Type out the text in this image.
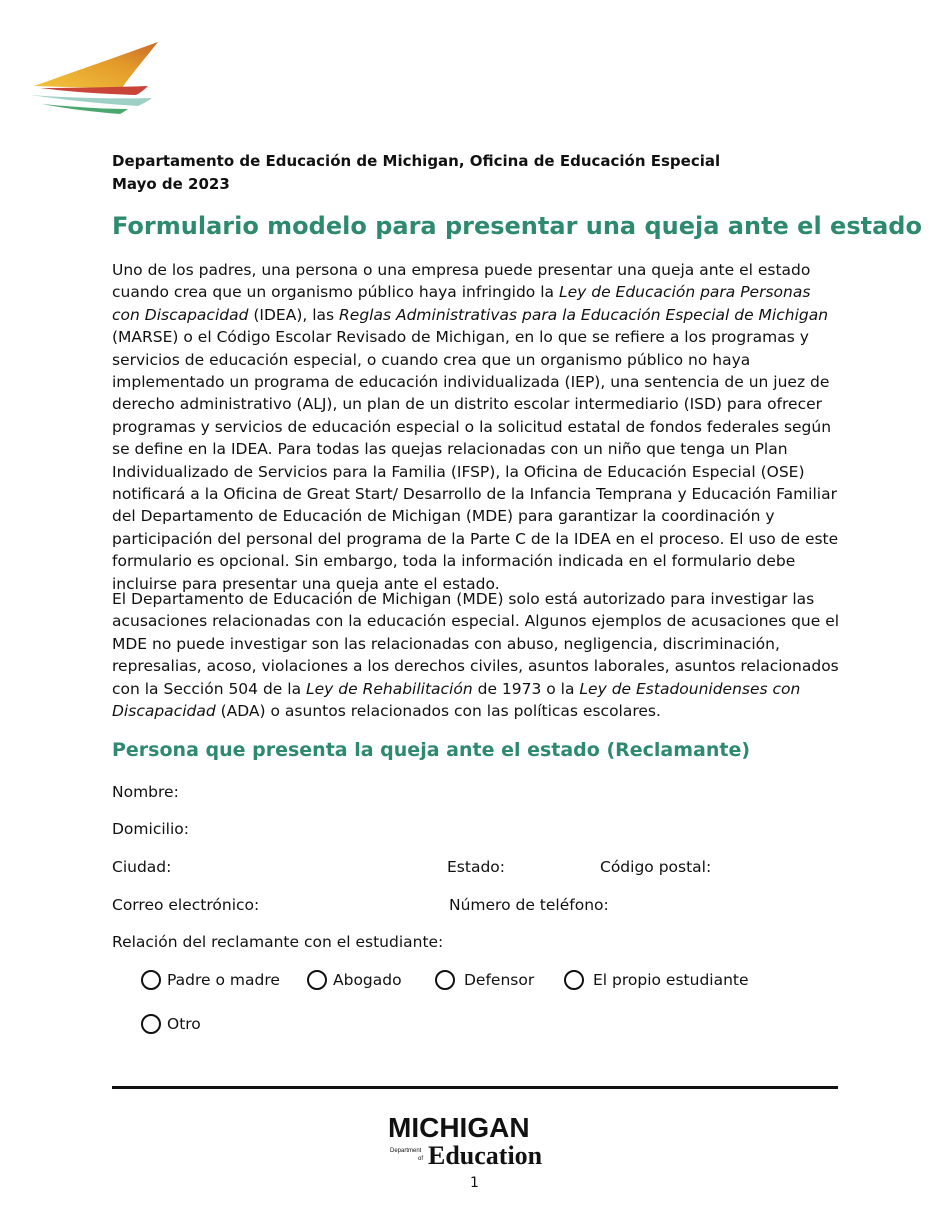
Departamento de Educación de Michigan, Oficina de Educación Especial
Mayo de 2023
Formulario modelo para presentar una queja ante el estado

Uno de los padres, una persona o una empresa puede presentar una queja ante el estado cuando crea que un organismo público haya infringido la Ley de Educación para Personas con Discapacidad (IDEA), las Reglas Administrativas para la Educación Especial de Michigan (MARSE) o el Código Escolar Revisado de Michigan, en lo que se refiere a los programas y servicios de educación especial, o cuando crea que un organismo público no haya implementado un programa de educación individualizada (IEP), una sentencia de un juez de derecho administrativo (ALJ), un plan de un distrito escolar intermediario (ISD) para ofrecer programas y servicios de educación especial o la solicitud estatal de fondos federales según se define en la IDEA. Para todas las quejas relacionadas con un niño que tenga un Plan Individualizado de Servicios para la Familia (IFSP), la Oficina de Educación Especial (OSE) notificará a la Oficina de Great Start/ Desarrollo de la Infancia Temprana y Educación Familiar del Departamento de Educación de Michigan (MDE) para garantizar la coordinación y participación del personal del programa de la Parte C de la IDEA en el proceso. El uso de este formulario es opcional. Sin embargo, toda la información indicada en el formulario debe incluirse para presentar una queja ante el estado.

El Departamento de Educación de Michigan (MDE) solo está autorizado para investigar las acusaciones relacionadas con la educación especial. Algunos ejemplos de acusaciones que el MDE no puede investigar son las relacionadas con abuso, negligencia, discriminación, represalias, acoso, violaciones a los derechos civiles, asuntos laborales, asuntos relacionados con la Sección 504 de la Ley de Rehabilitación de 1973 o la Ley de Estadounidenses con Discapacidad (ADA) o asuntos relacionados con las políticas escolares.

Persona que presenta la queja ante el estado (Reclamante)
Nombre:
Domicilio:
Ciudad:	Estado:	Código postal:
Correo electrónico:	Número de teléfono:
Relación del reclamante con el estudiante:
Padre o madre	Abogado	Defensor	El propio estudiante
Otro
MICHIGAN
Department
of Education
1
